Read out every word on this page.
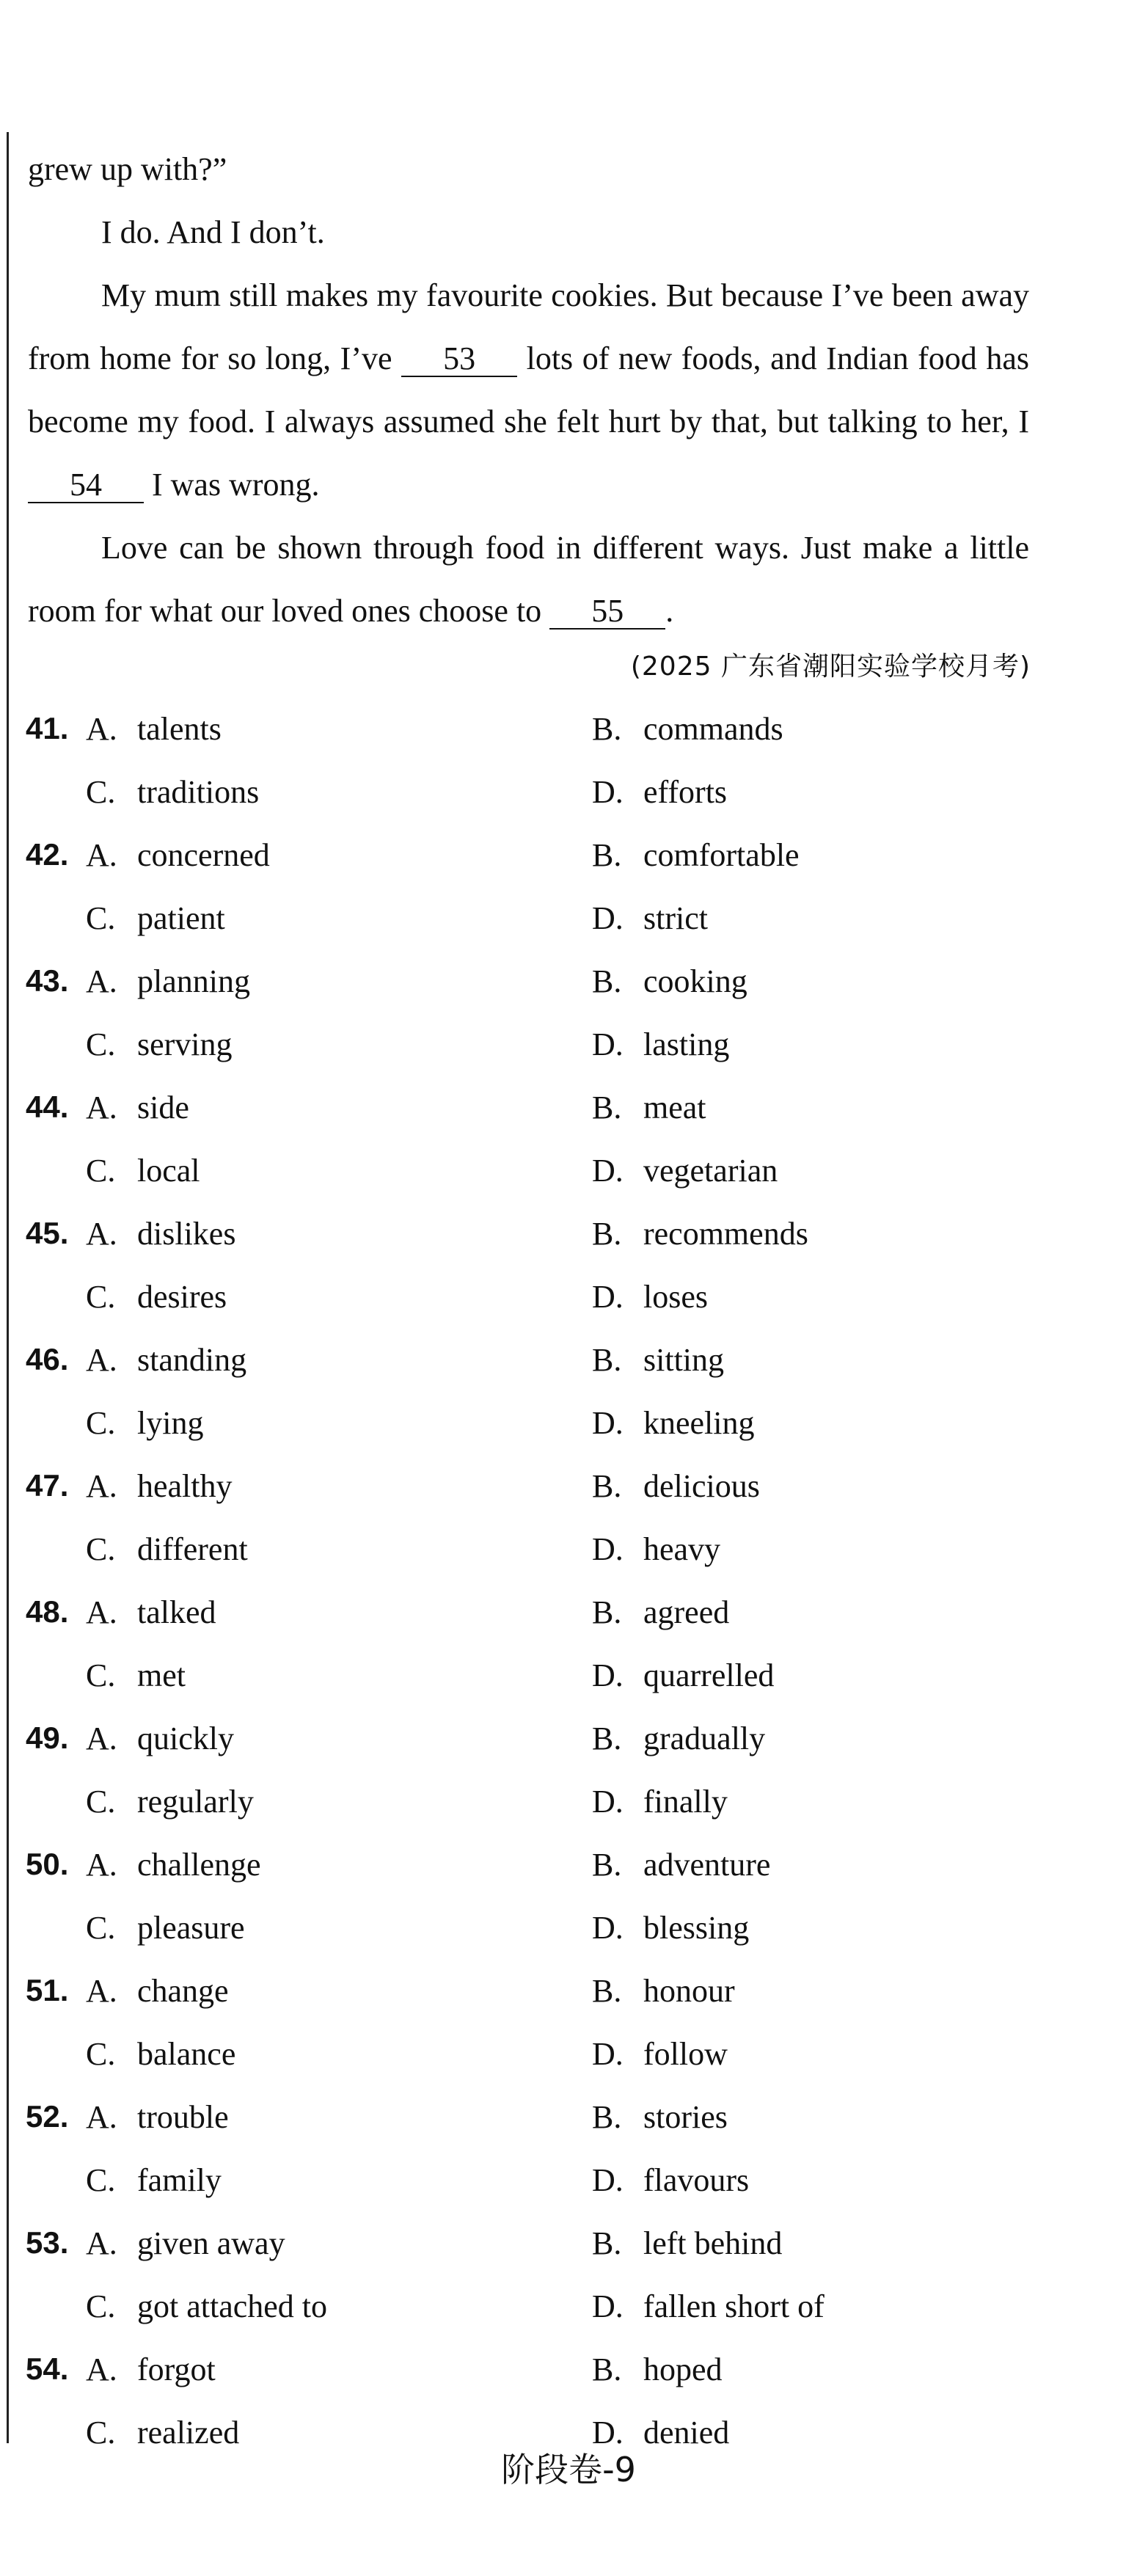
grew up with?”

I do. And I don’t.

My mum still makes my favourite cookies. But because I’ve been away from home for so long, I’ve 53 lots of new foods, and Indian food has become my food. I always assumed she felt hurt by that, but talking to her, I 54 I was wrong.

Love can be shown through food in different ways. Just make a little room for what our loved ones choose to 55 .

(2025 广东省潮阳实验学校月考)
41. A. talents	B. commands
C. traditions	D. efforts
42. A. concerned	B. comfortable
C. patient	D. strict
43. A. planning	B. cooking
C. serving	D. lasting
44. A. side	B. meat
C. local	D. vegetarian
45. A. dislikes	B. recommends
C. desires	D. loses
46. A. standing	B. sitting
C. lying	D. kneeling
47. A. healthy	B. delicious
C. different	D. heavy
48. A. talked	B. agreed
C. met	D. quarrelled
49. A. quickly	B. gradually
C. regularly	D. finally
50. A. challenge	B. adventure
C. pleasure	D. blessing
51. A. change	B. honour
C. balance	D. follow
52. A. trouble	B. stories
C. family	D. flavours
53. A. given away	B. left behind
C. got attached to	D. fallen short of
54. A. forgot	B. hoped
C. realized	D. denied
阶段卷-9
